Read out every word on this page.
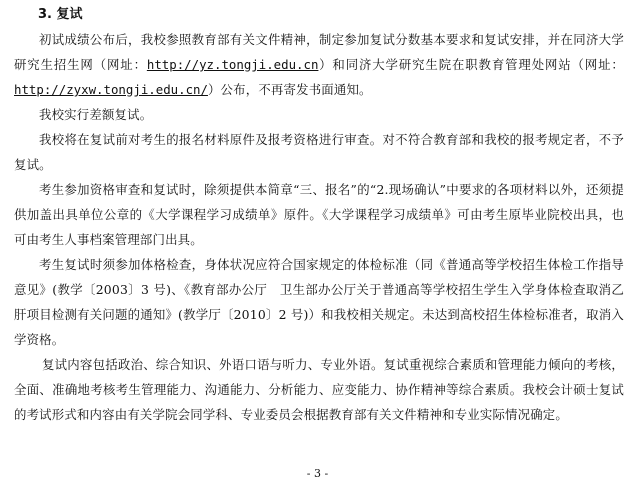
3. 复试

初试成绩公布后，我校参照教育部有关文件精神，制定参加复试分数基本要求和复试安排，并在同济大学研究生招生网（网址：http://yz.tongji.edu.cn）和同济大学研究生院在职教育管理处网站（网址：http://zyxw.tongji.edu.cn/）公布，不再寄发书面通知。

我校实行差额复试。

我校将在复试前对考生的报名材料原件及报考资格进行审查。对不符合教育部和我校的报考规定者，不予复试。

考生参加资格审查和复试时，除须提供本简章“三、报名”的“2.现场确认”中要求的各项材料以外，还须提供加盖出具单位公章的《大学课程学习成绩单》原件。《大学课程学习成绩单》可由考生原毕业院校出具，也可由考生人事档案管理部门出具。

考生复试时须参加体格检查，身体状况应符合国家规定的体检标准（同《普通高等学校招生体检工作指导意见》(教学〔2003〕3 号)、《教育部办公厅　卫生部办公厅关于普通高等学校招生学生入学身体检查取消乙肝项目检测有关问题的通知》(教学厅〔2010〕2 号)）和我校相关规定。未达到高校招生体检标准者，取消入学资格。

复试内容包括政治、综合知识、外语口语与听力、专业外语。复试重视综合素质和管理能力倾向的考核，全面、准确地考核考生管理能力、沟通能力、分析能力、应变能力、协作精神等综合素质。我校会计硕士复试的考试形式和内容由有关学院会同学科、专业委员会根据教育部有关文件精神和专业实际情况确定。

- 3 -
